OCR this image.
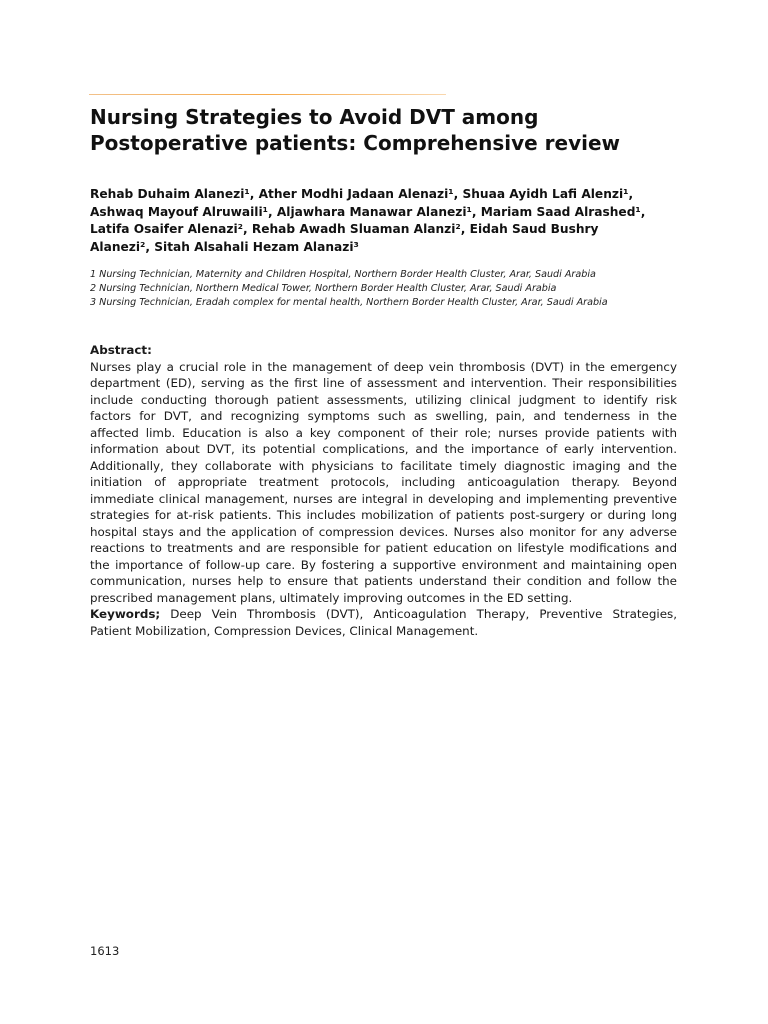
Nursing Strategies to Avoid DVT among
Postoperative patients: Comprehensive review
Rehab Duhaim Alanezi¹, Ather Modhi Jadaan Alenazi¹, Shuaa Ayidh Lafi Alenzi¹,
Ashwaq Mayouf Alruwaili¹, Aljawhara Manawar Alanezi¹, Mariam Saad Alrashed¹,
Latifa Osaifer Alenazi², Rehab Awadh Sluaman Alanzi², Eidah Saud Bushry
Alanezi², Sitah Alsahali Hezam Alanazi³
1 Nursing Technician, Maternity and Children Hospital, Northern Border Health Cluster, Arar, Saudi Arabia
2 Nursing Technician, Northern Medical Tower, Northern Border Health Cluster, Arar, Saudi Arabia
3 Nursing Technician, Eradah complex for mental health, Northern Border Health Cluster, Arar, Saudi Arabia
Abstract:
Nurses play a crucial role in the management of deep vein thrombosis (DVT) in the emergency
department (ED), serving as the first line of assessment and intervention. Their responsibilities
include conducting thorough patient assessments, utilizing clinical judgment to identify risk
factors for DVT, and recognizing symptoms such as swelling, pain, and tenderness in the
affected limb. Education is also a key component of their role; nurses provide patients with
information about DVT, its potential complications, and the importance of early intervention.
Additionally, they collaborate with physicians to facilitate timely diagnostic imaging and the
initiation of appropriate treatment protocols, including anticoagulation therapy. Beyond
immediate clinical management, nurses are integral in developing and implementing preventive
strategies for at-risk patients. This includes mobilization of patients post-surgery or during long
hospital stays and the application of compression devices. Nurses also monitor for any adverse
reactions to treatments and are responsible for patient education on lifestyle modifications and
the importance of follow-up care. By fostering a supportive environment and maintaining open
communication, nurses help to ensure that patients understand their condition and follow the
prescribed management plans, ultimately improving outcomes in the ED setting.
Keywords; Deep Vein Thrombosis (DVT), Anticoagulation Therapy, Preventive Strategies,
Patient Mobilization, Compression Devices, Clinical Management.
1613
